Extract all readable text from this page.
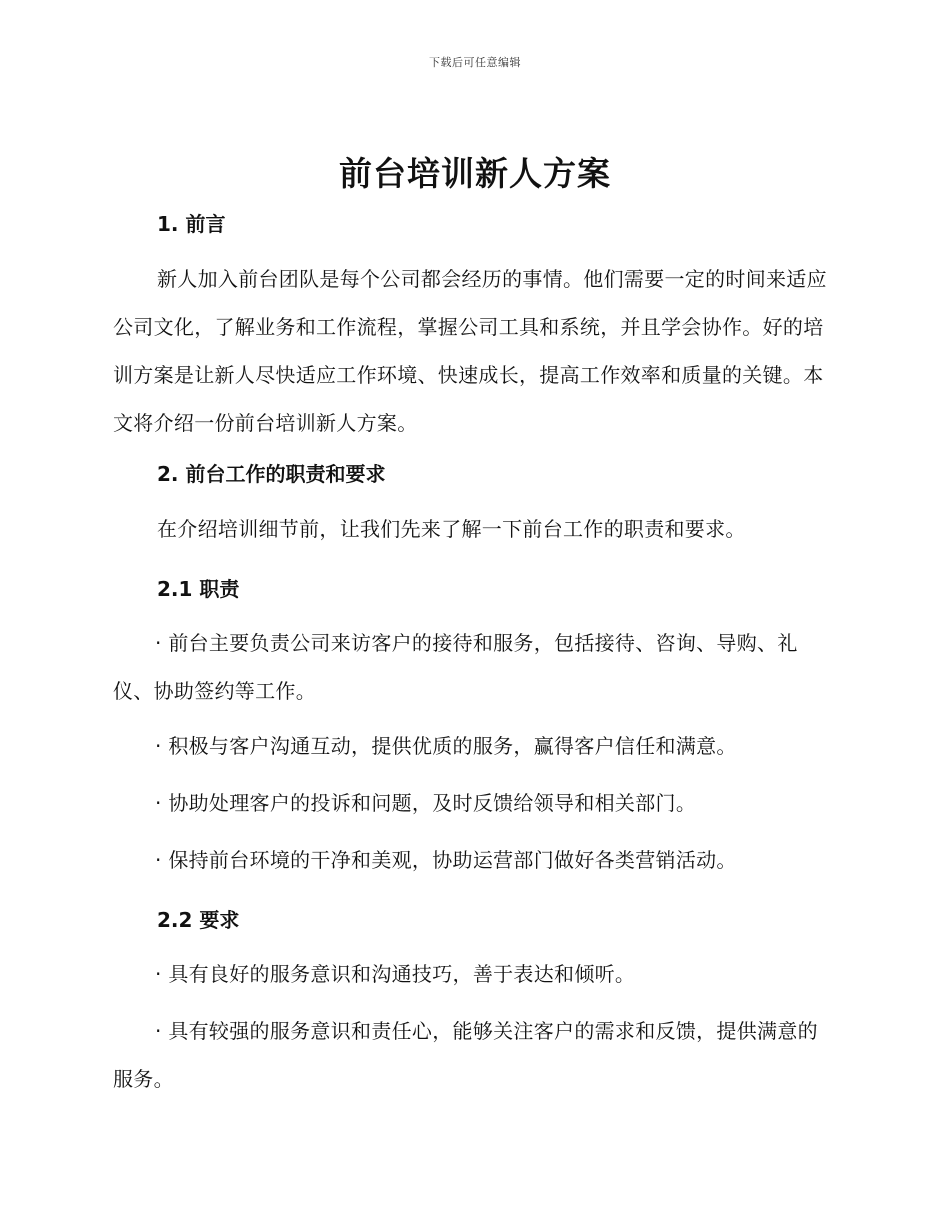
下载后可任意编辑
前台培训新人方案
1. 前言

新人加入前台团队是每个公司都会经历的事情。他们需要一定的时间来适应公司文化，了解业务和工作流程，掌握公司工具和系统，并且学会协作。好的培训方案是让新人尽快适应工作环境、快速成长，提高工作效率和质量的关键。本文将介绍一份前台培训新人方案。

2. 前台工作的职责和要求

在介绍培训细节前，让我们先来了解一下前台工作的职责和要求。

2.1 职责

· 前台主要负责公司来访客户的接待和服务，包括接待、咨询、导购、礼仪、协助签约等工作。

· 积极与客户沟通互动，提供优质的服务，赢得客户信任和满意。

· 协助处理客户的投诉和问题，及时反馈给领导和相关部门。

· 保持前台环境的干净和美观，协助运营部门做好各类营销活动。

2.2 要求

· 具有良好的服务意识和沟通技巧，善于表达和倾听。

· 具有较强的服务意识和责任心，能够关注客户的需求和反馈，提供满意的服务。
